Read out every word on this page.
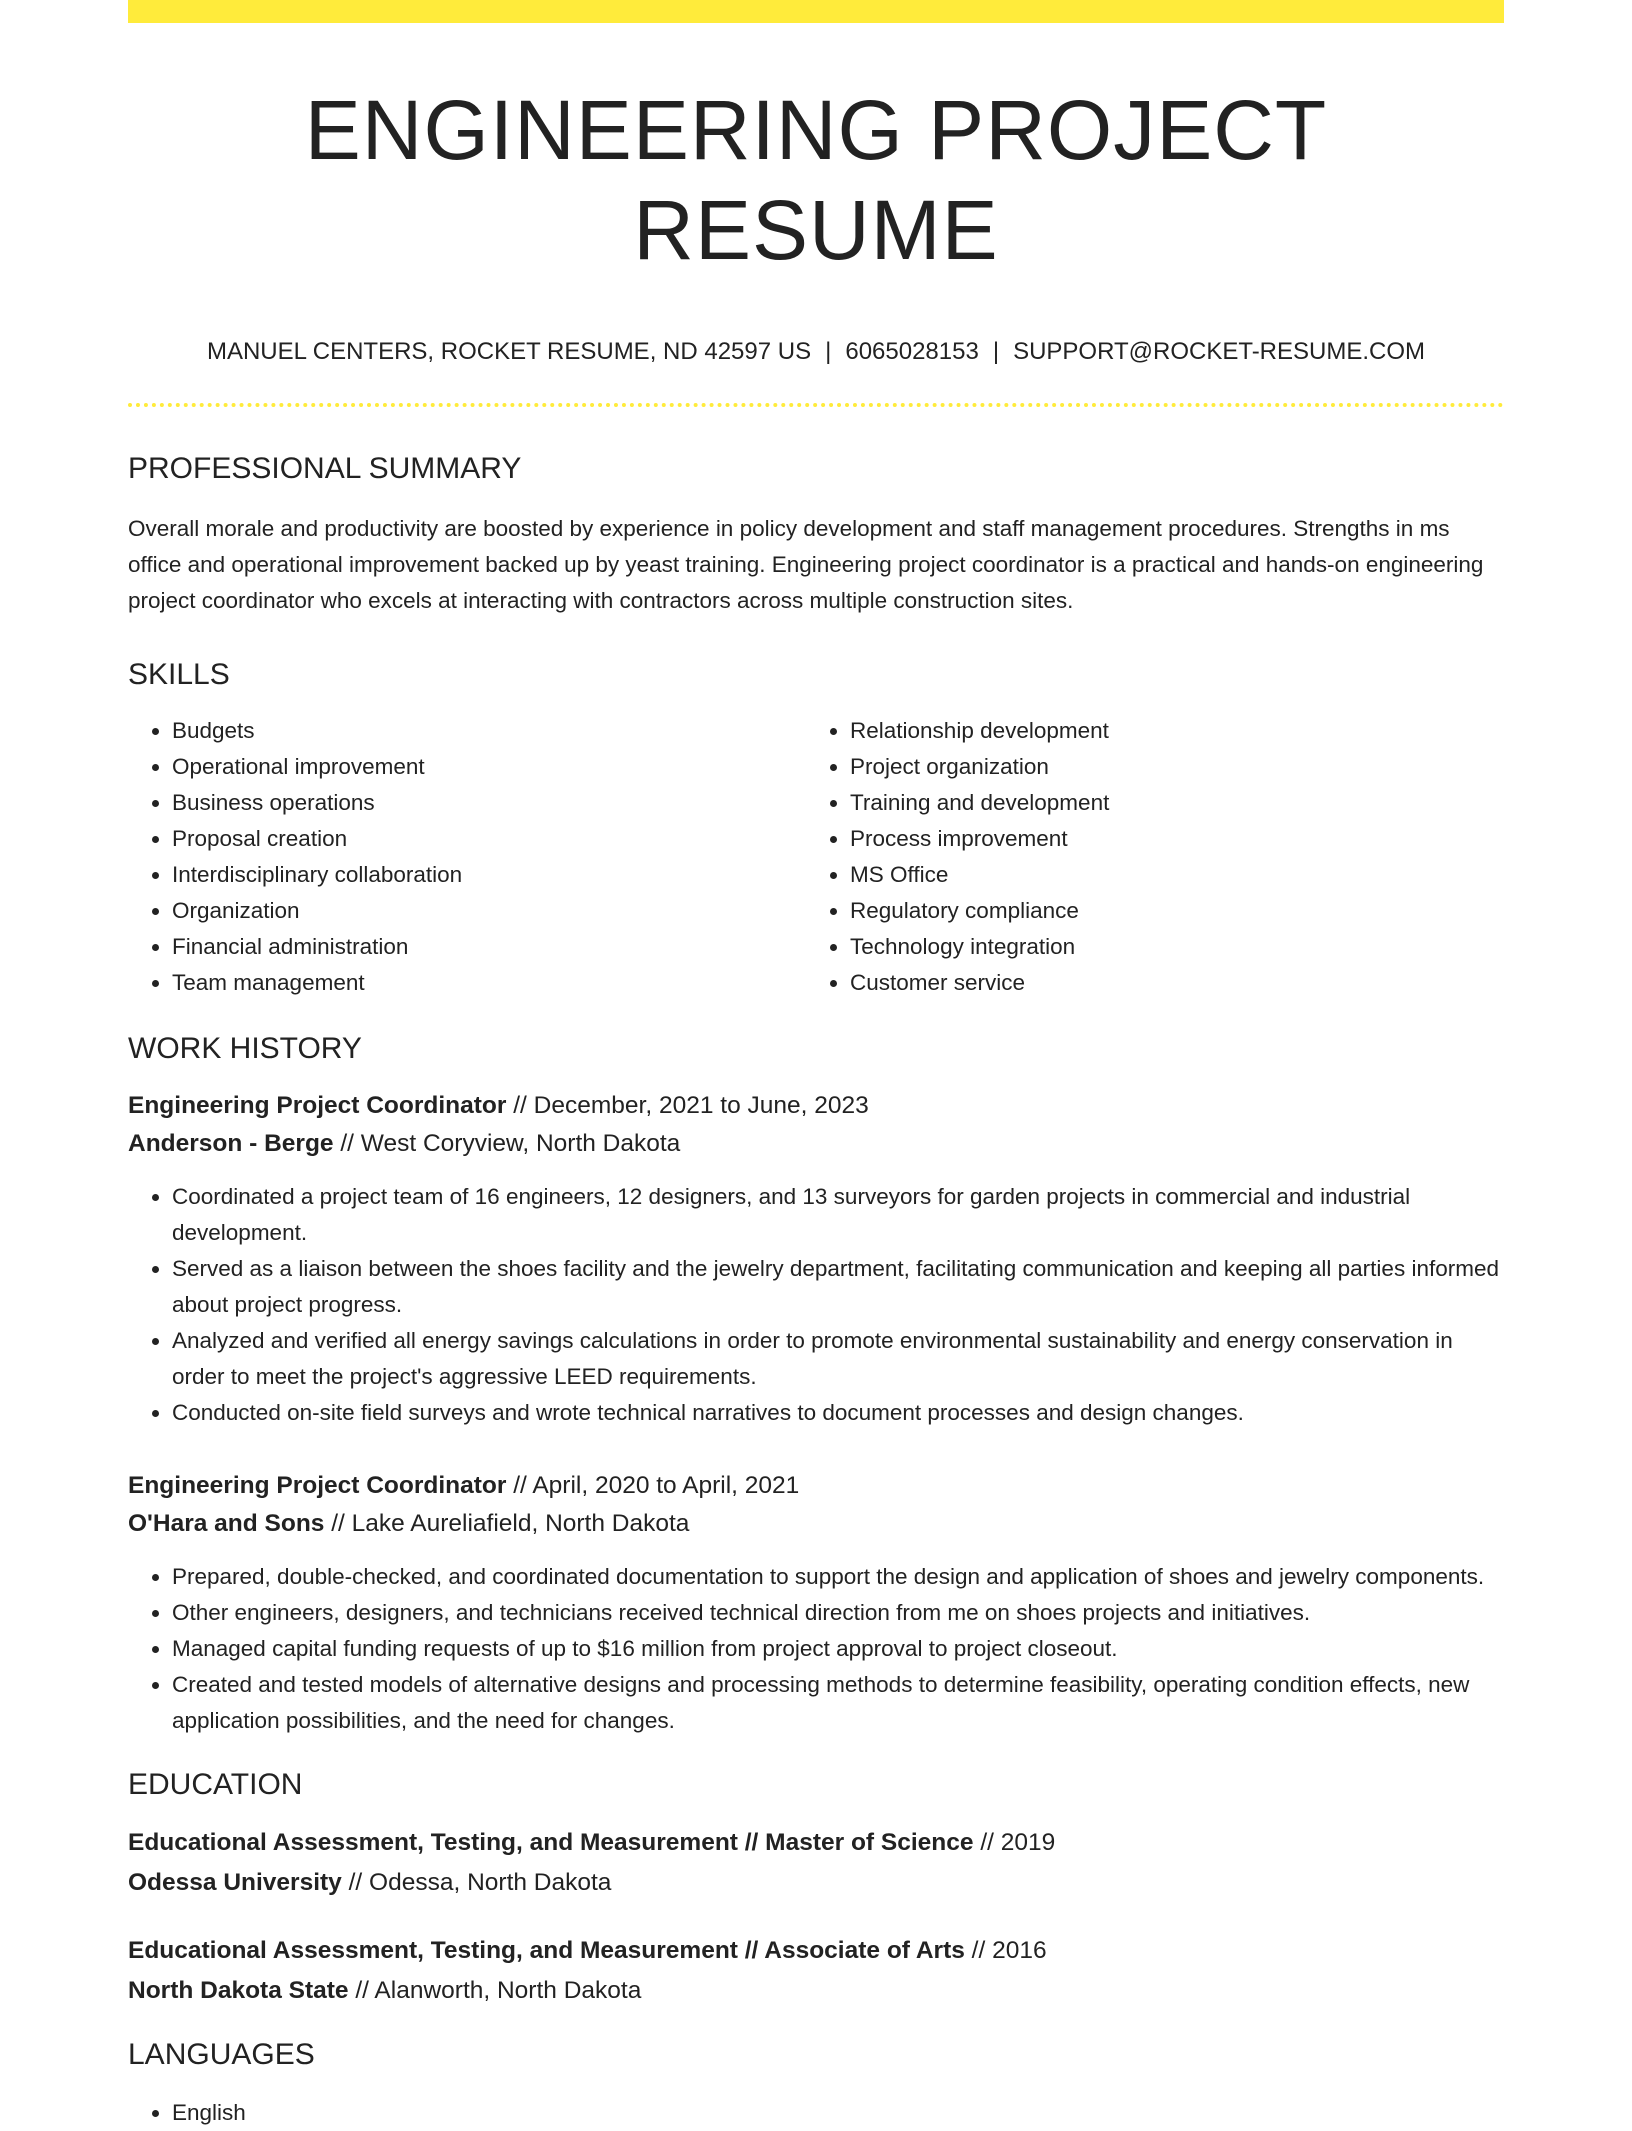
ENGINEERING PROJECT RESUME
MANUEL CENTERS, ROCKET RESUME, ND 42597 US | 6065028153 | SUPPORT@ROCKET-RESUME.COM
PROFESSIONAL SUMMARY
Overall morale and productivity are boosted by experience in policy development and staff management procedures. Strengths in ms office and operational improvement backed up by yeast training. Engineering project coordinator is a practical and hands-on engineering project coordinator who excels at interacting with contractors across multiple construction sites.
SKILLS
• Budgets
• Operational improvement
• Business operations
• Proposal creation
• Interdisciplinary collaboration
• Organization
• Financial administration
• Team management
• Relationship development
• Project organization
• Training and development
• Process improvement
• MS Office
• Regulatory compliance
• Technology integration
• Customer service
WORK HISTORY
Engineering Project Coordinator // December, 2021 to June, 2023
Anderson - Berge // West Coryview, North Dakota
• Coordinated a project team of 16 engineers, 12 designers, and 13 surveyors for garden projects in commercial and industrial development.
• Served as a liaison between the shoes facility and the jewelry department, facilitating communication and keeping all parties informed about project progress.
• Analyzed and verified all energy savings calculations in order to promote environmental sustainability and energy conservation in order to meet the project's aggressive LEED requirements.
• Conducted on-site field surveys and wrote technical narratives to document processes and design changes.
Engineering Project Coordinator // April, 2020 to April, 2021
O'Hara and Sons // Lake Aureliafield, North Dakota
• Prepared, double-checked, and coordinated documentation to support the design and application of shoes and jewelry components.
• Other engineers, designers, and technicians received technical direction from me on shoes projects and initiatives.
• Managed capital funding requests of up to $16 million from project approval to project closeout.
• Created and tested models of alternative designs and processing methods to determine feasibility, operating condition effects, new application possibilities, and the need for changes.
EDUCATION
Educational Assessment, Testing, and Measurement // Master of Science // 2019
Odessa University // Odessa, North Dakota
Educational Assessment, Testing, and Measurement // Associate of Arts // 2016
North Dakota State // Alanworth, North Dakota
LANGUAGES
• English
